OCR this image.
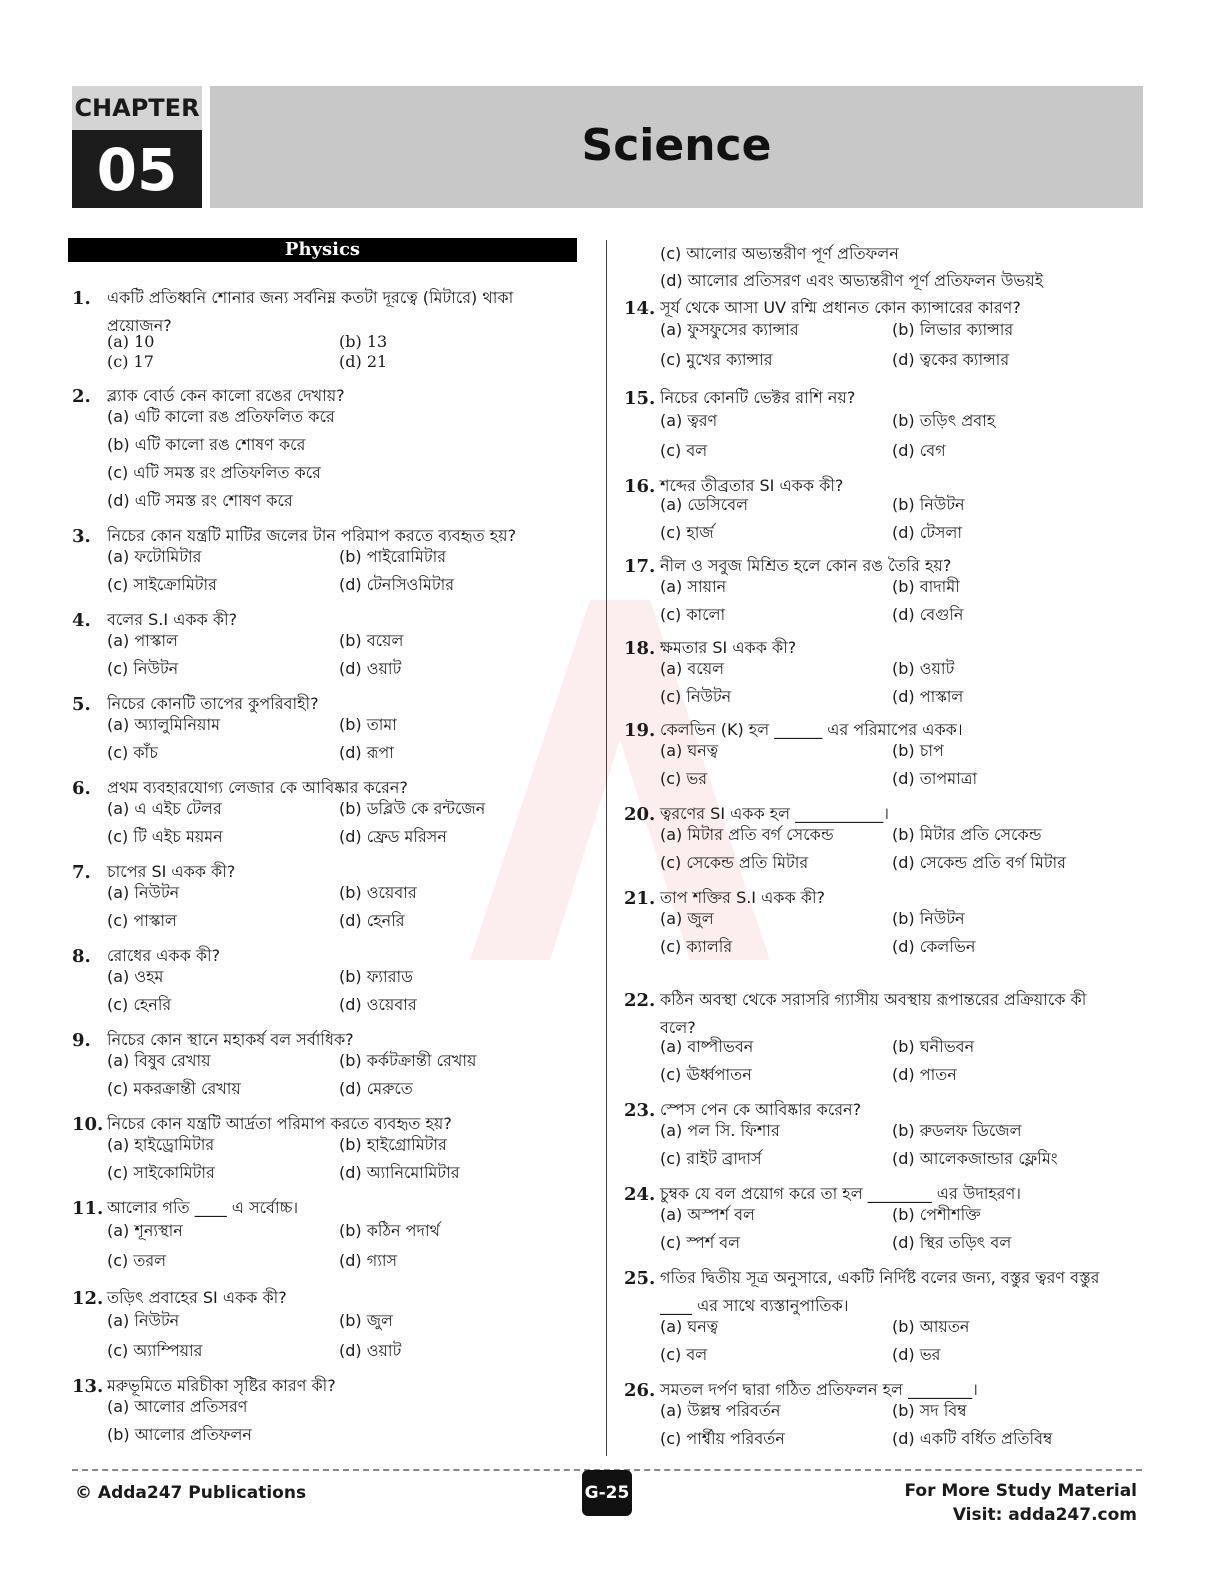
CHAPTER
05	Science
Physics
1. একটি প্রতিধ্বনি শোনার জন্য সর্বনিম্ন কতটা দূরত্বে (মিটারে) থাকা প্রয়োজন?
(a) 10	(b) 13
(c) 17	(d) 21
2. ব্ল্যাক বোর্ড কেন কালো রঙের দেখায়?
(a) এটি কালো রঙ প্রতিফলিত করে
(b) এটি কালো রঙ শোষণ করে
(c) এটি সমস্ত রং প্রতিফলিত করে
(d) এটি সমস্ত রং শোষণ করে
3. নিচের কোন যন্ত্রটি মাটির জলের টান পরিমাপ করতে ব্যবহৃত হয়?
(a) ফটোমিটার	(b) পাইরোমিটার
(c) সাইক্রোমিটার	(d) টেনসিওমিটার
4. বলের S.I একক কী?
(a) পাস্কাল	(b) বয়েল
(c) নিউটন	(d) ওয়াট
5. নিচের কোনটি তাপের কুপরিবাহী?
(a) অ্যালুমিনিয়াম	(b) তামা
(c) কাঁচ	(d) রূপা
6. প্রথম ব্যবহারযোগ্য লেজার কে আবিষ্কার করেন?
(a) এ এইচ টেলর	(b) ডব্লিউ কে রন্টজেন
(c) টি এইচ ময়মন	(d) ফ্রেড মরিসন
7. চাপের SI একক কী?
(a) নিউটন	(b) ওয়েবার
(c) পাস্কাল	(d) হেনরি
8. রোধের একক কী?
(a) ওহম	(b) ফ্যারাড
(c) হেনরি	(d) ওয়েবার
9. নিচের কোন স্থানে মহাকর্ষ বল সর্বাধিক?
(a) বিষুব রেখায়	(b) কর্কটক্রান্তী রেখায়
(c) মকরক্রান্তী রেখায়	(d) মেরুতে
10. নিচের কোন যন্ত্রটি আর্দ্রতা পরিমাপ করতে ব্যবহৃত হয়?
(a) হাইড্রোমিটার	(b) হাইগ্রোমিটার
(c) সাইকোমিটার	(d) অ্যানিমোমিটার
11. আলোর গতি ____ এ সর্বোচ্চ।
(a) শূন্যস্থান	(b) কঠিন পদার্থ
(c) তরল	(d) গ্যাস
12. তড়িৎ প্রবাহের SI একক কী?
(a) নিউটন	(b) জুল
(c) অ্যাম্পিয়ার	(d) ওয়াট
13. মরুভূমিতে মরিচীকা সৃষ্টির কারণ কী?
(a) আলোর প্রতিসরণ
(b) আলোর প্রতিফলন
(c) আলোর অভ্যন্তরীণ পূর্ণ প্রতিফলন
(d) আলোর প্রতিসরণ এবং অভ্যন্তরীণ পূর্ণ প্রতিফলন উভয়ই
14. সূর্য থেকে আসা UV রশ্মি প্রধানত কোন ক্যান্সারের কারণ?
(a) ফুসফুসের ক্যান্সার	(b) লিভার ক্যান্সার
(c) মুখের ক্যান্সার	(d) ত্বকের ক্যান্সার
15. নিচের কোনটি ভেক্টর রাশি নয়?
(a) ত্বরণ	(b) তড়িৎ প্রবাহ
(c) বল	(d) বেগ
16. শব্দের তীব্রতার SI একক কী?
(a) ডেসিবেল	(b) নিউটন
(c) হার্জ	(d) টেসলা
17. নীল ও সবুজ মিশ্রিত হলে কোন রঙ তৈরি হয়?
(a) সায়ান	(b) বাদামী
(c) কালো	(d) বেগুনি
18. ক্ষমতার SI একক কী?
(a) বয়েল	(b) ওয়াট
(c) নিউটন	(d) পাস্কাল
19. কেলভিন (K) হল ______ এর পরিমাপের একক।
(a) ঘনত্ব	(b) চাপ
(c) ভর	(d) তাপমাত্রা
20. ত্বরণের SI একক হল ___________।
(a) মিটার প্রতি বর্গ সেকেন্ড	(b) মিটার প্রতি সেকেন্ড
(c) সেকেন্ড প্রতি মিটার	(d) সেকেন্ড প্রতি বর্গ মিটার
21. তাপ শক্তির S.I একক কী?
(a) জুল	(b) নিউটন
(c) ক্যালরি	(d) কেলভিন
22. কঠিন অবস্থা থেকে সরাসরি গ্যাসীয় অবস্থায় রূপান্তরের প্রক্রিয়াকে কী বলে?
(a) বাষ্পীভবন	(b) ঘনীভবন
(c) ঊর্ধ্বপাতন	(d) পাতন
23. স্পেস পেন কে আবিষ্কার করেন?
(a) পল সি. ফিশার	(b) রুডলফ ডিজেল
(c) রাইট ব্রাদার্স	(d) আলেকজান্ডার ফ্লেমিং
24. চুম্বক যে বল প্রয়োগ করে তা হল ________ এর উদাহরণ।
(a) অস্পর্শ বল	(b) পেশীশক্তি
(c) স্পর্শ বল	(d) স্থির তড়িৎ বল
25. গতির দ্বিতীয় সূত্র অনুসারে, একটি নির্দিষ্ট বলের জন্য, বস্তুর ত্বরণ বস্তুর ____ এর সাথে ব্যস্তানুপাতিক।
(a) ঘনত্ব	(b) আয়তন
(c) বল	(d) ভর
26. সমতল দর্পণ দ্বারা গঠিত প্রতিফলন হল ________।
(a) উল্লম্ব পরিবর্তন	(b) সদ বিম্ব
(c) পার্শ্বীয় পরিবর্তন	(d) একটি বর্ধিত প্রতিবিম্ব
© Adda247 Publications	G-25	For More Study Material
Visit: adda247.com
